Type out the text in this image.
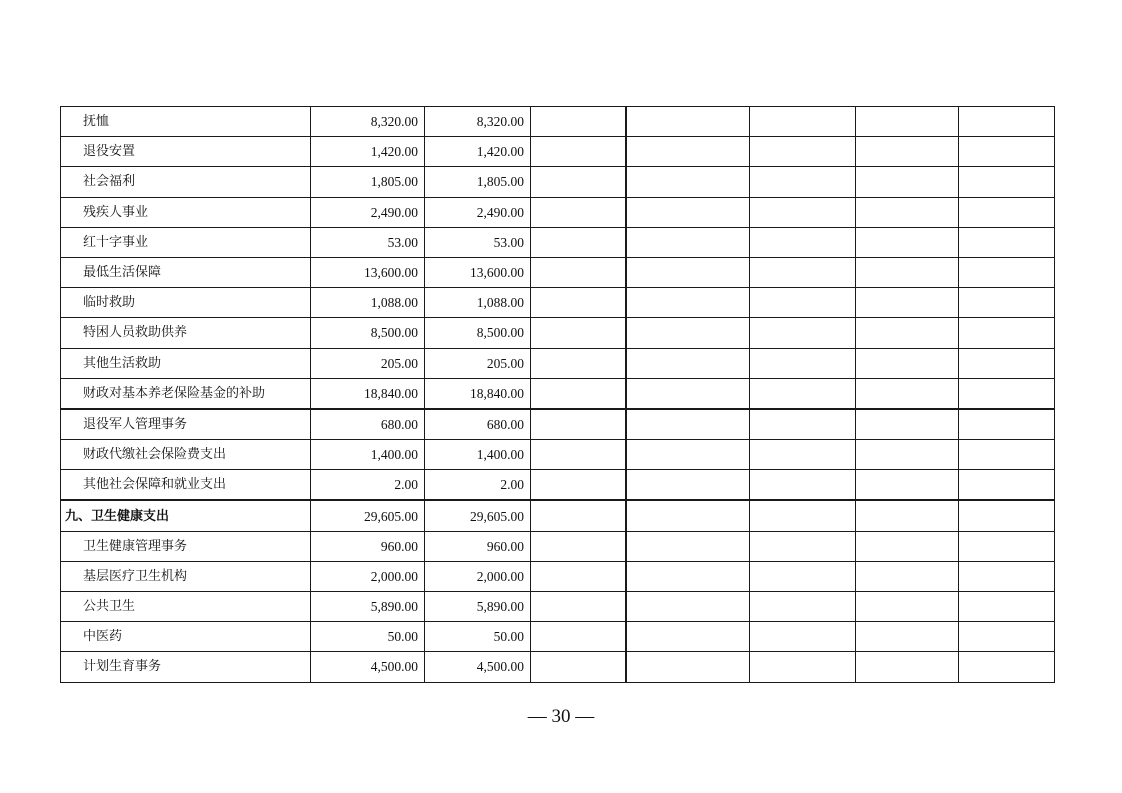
抚恤	8,320.00	8,320.00					
退役安置	1,420.00	1,420.00					
社会福利	1,805.00	1,805.00					
残疾人事业	2,490.00	2,490.00					
红十字事业	53.00	53.00					
最低生活保障	13,600.00	13,600.00					
临时救助	1,088.00	1,088.00					
特困人员救助供养	8,500.00	8,500.00					
其他生活救助	205.00	205.00					
财政对基本养老保险基金的补助	18,840.00	18,840.00					
退役军人管理事务	680.00	680.00					
财政代缴社会保险费支出	1,400.00	1,400.00					
其他社会保障和就业支出	2.00	2.00					
九、卫生健康支出	29,605.00	29,605.00					
卫生健康管理事务	960.00	960.00					
基层医疗卫生机构	2,000.00	2,000.00					
公共卫生	5,890.00	5,890.00					
中医药	50.00	50.00					
计划生育事务	4,500.00	4,500.00					
— 30 —
